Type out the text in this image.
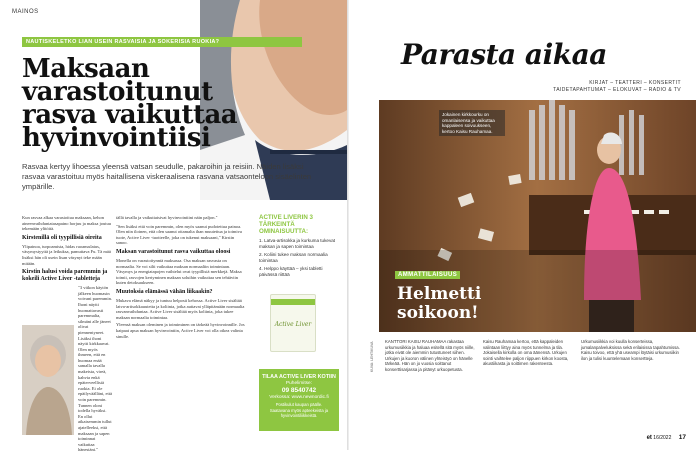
MAINOS
NAUTISKELETKO LIAN USEIN RASVAISIA JA SOKERISIA RUOKIA?
Maksaan varastoitunut rasva vaikuttaa hyvinvointiisi

Rasvaa kertyy lihoessa yleensä vatsan seudulle, pakaroihin ja reisiin. Näiden lisäksi rasvaa varastoituu myös haitallisena viskeraalisena rasvana vatsaonteloon sisäelinten ympärille.

Kun rasvaa alkaa varastoitua maksaan, kehon aineenvaihduntatasapaino horjuu ja maksa joutuu tekemään ylitöitä.

Kirstenillä oli tyypillisiä oireita

Ylipainoa, turpoamista, hidas ruoansulatus, väsymystyyttä ja leikuksa, pamuttava Fu. Tä mää lisäksi hän oli usein lisan väsynyt teke mään mitään.

Kirstin halusi voida paremmin ja kokeili Active Liver -tabletteja

"3 viikon käytön jälkeen huomasin voivani paremmin. Ihoni näytti huomattavasti paremmalta, silmäni alle jäneet olivat piennentyneet. Lisäksi ihoni näytti kirkkaavat. Olen myös ihmeen, että en huomaa enää samalla tavalla makeista, vireä, kahvia enkä epäterveellisiä ruokia. Ei ole epäilyväälläni, että voin paremmin. Tunnen oloni todella hyväksi. En ollut aikaisemmin tullut ajatelleeksi, että maksaan ja sapen toiminnat vaikuttaa hänestäni."

tällä tavalla ja vaikuttaisivat hyvinvointiini näin paljon."

"Sen lisäksi että voin paremmin, olen myös saanut pudotettua painoa. Olen niin iloinen, että olen saanut ottamalta ihan muutettua ja toimiva tuote, Active Liver -tuotteelle, joka on tukenut maksaani," Kirstin sanoo.

Maksan varastoitunut rasva vaikuttaa oloosi

Monella on varastoitynntä maksassa. Osa maksan rasvasta on normaalia. Se voi silti vaikuttaa maksan normaaliin toimintaan. Väsymys ja energiatapojen vaihtelut ovat tyypillisiä merkkejä. Maksa toimii, rasvojen kertyminen maksan soluihin vaikuttaa sen tehtäviin kuten detoksaukseen.

Muutoksia elämässä vähän liikaakin?

Mukava elämä näkyy ja tuntuu helposti kehossa. Active Liver sisältää latva-artisokkauutetta ja koliinia, jotka auttavat ylläpitämään normaalia rasvanvaihduntaa. Active Liver sisältää myös koliinia, joka tukee maksan normaalia toimintaa.

Yleensä maksan oleminen ja toimiminen on tärkeää hyvinvoinnille. Jos kaipaat apua maksan hyvinvointiin, Active Liver voi olla oikea valinta sinulle.

ACTIVE LIVERIN 3 TÄRKEINTÄ OMINAISUUTTA:
1. Latva-artisokka ja kurkuma tukevat maksan ja sapen toimintaa
2. Koliini tukee maksan normaalia toimintaa
4. Helppo käyttää – yksi tabletti päivässä riittää
Active Liver
TILAA ACTIVE LIVER KOTIIN
Puhelimitse:
09 8540742
Verkossa: www.newnordic.fi
Postikulut kaupan päälle.
Saatavana myös apteekeista ja hyvinvointiliikkeistä.
Parasta aikaa
KIRJAT – TEATTERI – KONSERTIT
TAIDETAPAHTUMAT – ELOKUVAT – RADIO & TV
Jokainen kirkkourku on omanlaisensa ja vaikuttaa kappaleen soivuukseen, kertoo Kaisu Rauhamaa.
AMMATTILAISUUS
Helmetti soikoon!
KUVA: LEHTIKUVA

KANTTORI KAISU RAUHAMAA rakastaa urkumusiikkia ja haluaa esitellä sitä myös niille, jotka eivät ole aiemmin tutustuneet siihen. Urkujen ja kuoron välinen yhteistyö on hänelle tärkeää. Hän on jo vuosia soittanut konserttisarjassa ja pitänyt urkuopetusta.

Kaisu Rauhamaa kertoo, että kappaleiden valintaan liittyy aina myös tunnelma ja tila. Jokaisella kirkolla on oma äänensä. Urkujen sointi vaihtelee paljon riippuen kirkon koosta, akustiikasta ja soittimen rakenteesta.

Urkumusiikkia voi kuulla konserteissa, jumalanpalveluksissa sekä erilaisissa tapahtumissa. Kaisu toivoo, että yhä useampi löytäisi urkumusiikin ilon ja tulisi kuuntelemaan konsertteja.

et 16/2022 17
